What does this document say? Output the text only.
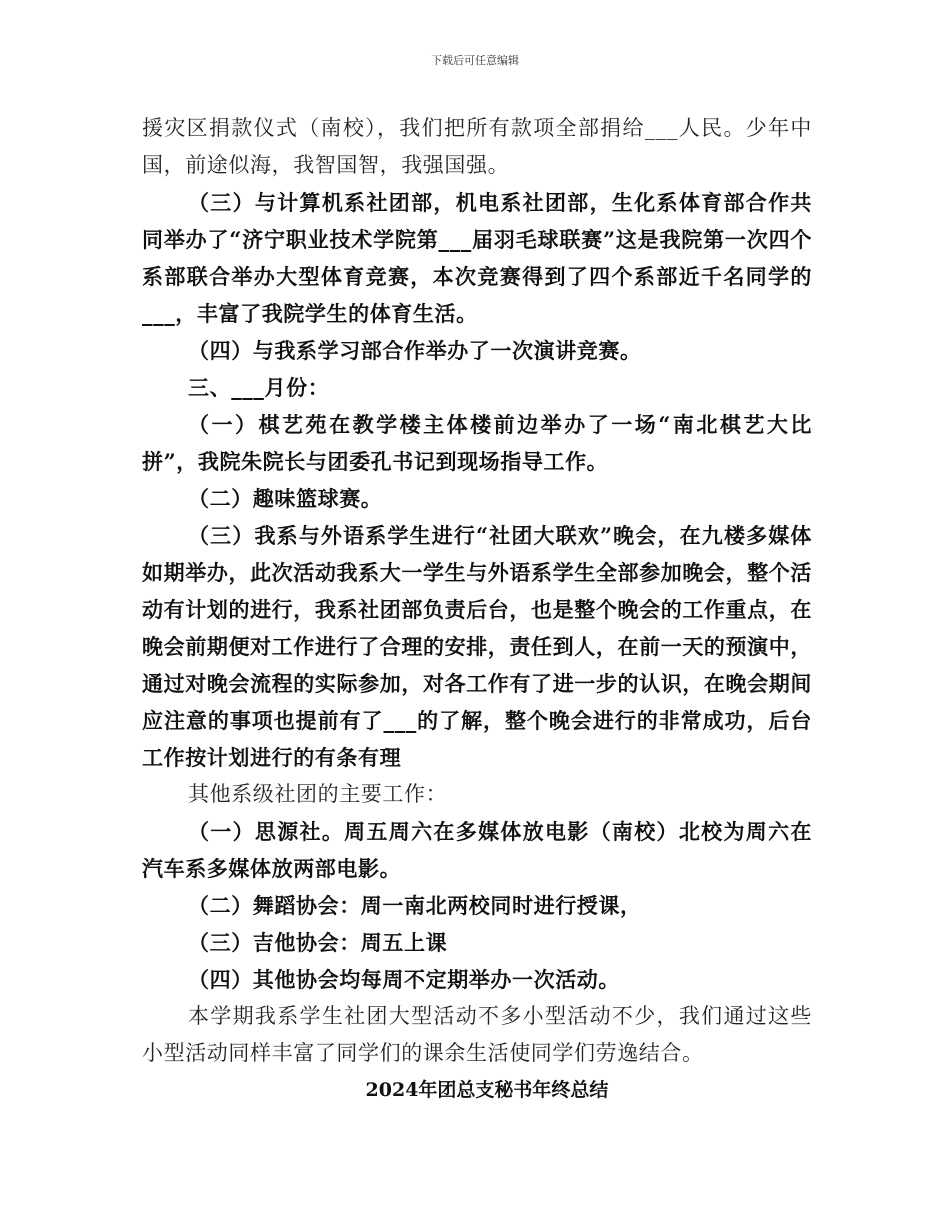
下载后可任意编辑

援灾区捐款仪式（南校），我们把所有款项全部捐给___人民。少年中国，前途似海，我智国智，我强国强。

（三）与计算机系社团部，机电系社团部，生化系体育部合作共同举办了“济宁职业技术学院第___届羽毛球联赛”这是我院第一次四个系部联合举办大型体育竞赛，本次竞赛得到了四个系部近千名同学的___，丰富了我院学生的体育生活。

（四）与我系学习部合作举办了一次演讲竞赛。

三、___月份：

（一）棋艺苑在教学楼主体楼前边举办了一场“南北棋艺大比拼”，我院朱院长与团委孔书记到现场指导工作。

（二）趣味篮球赛。

（三）我系与外语系学生进行“社团大联欢”晚会，在九楼多媒体如期举办，此次活动我系大一学生与外语系学生全部参加晚会，整个活动有计划的进行，我系社团部负责后台，也是整个晚会的工作重点，在晚会前期便对工作进行了合理的安排，责任到人，在前一天的预演中，通过对晚会流程的实际参加，对各工作有了进一步的认识，在晚会期间应注意的事项也提前有了___的了解，整个晚会进行的非常成功，后台工作按计划进行的有条有理

其他系级社团的主要工作：

（一）思源社。周五周六在多媒体放电影（南校）北校为周六在汽车系多媒体放两部电影。

（二）舞蹈协会：周一南北两校同时进行授课，

（三）吉他协会：周五上课

（四）其他协会均每周不定期举办一次活动。

本学期我系学生社团大型活动不多小型活动不少，我们通过这些小型活动同样丰富了同学们的课余生活使同学们劳逸结合。

2024年团总支秘书年终总结
